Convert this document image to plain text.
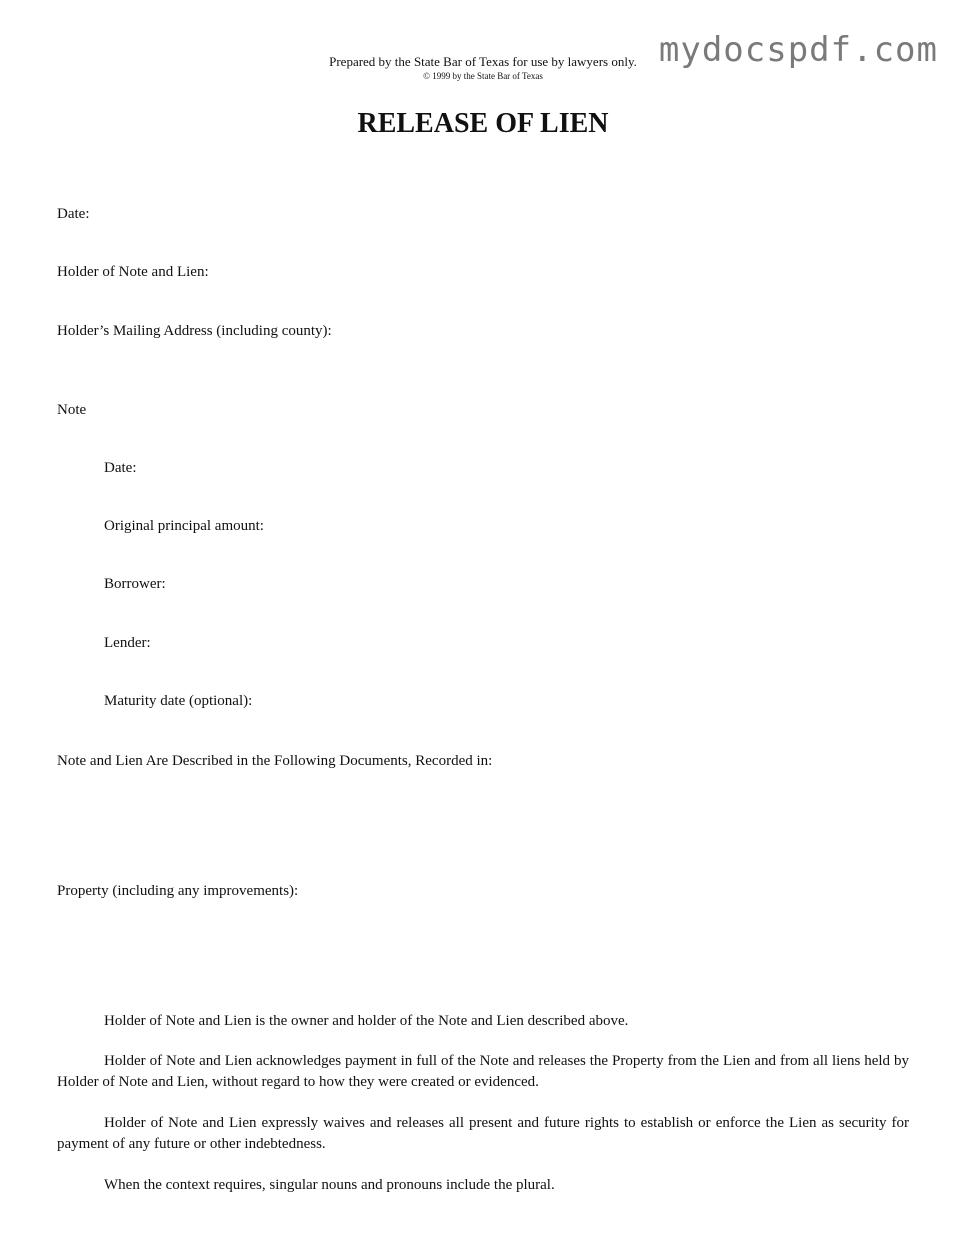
Prepared by the State Bar of Texas for use by lawyers only.
© 1999 by the State Bar of Texas
mydocspdf.com
RELEASE OF LIEN
Date:
Holder of Note and Lien:
Holder’s Mailing Address (including county):
Note
Date:
Original principal amount:
Borrower:
Lender:
Maturity date (optional):
Note and Lien Are Described in the Following Documents, Recorded in:
Property (including any improvements):

Holder of Note and Lien is the owner and holder of the Note and Lien described above.

Holder of Note and Lien acknowledges payment in full of the Note and releases the Property from the Lien and from all liens held by Holder of Note and Lien, without regard to how they were created or evidenced.

Holder of Note and Lien expressly waives and releases all present and future rights to establish or enforce the Lien as security for payment of any future or other indebtedness.

When the context requires, singular nouns and pronouns include the plural.
